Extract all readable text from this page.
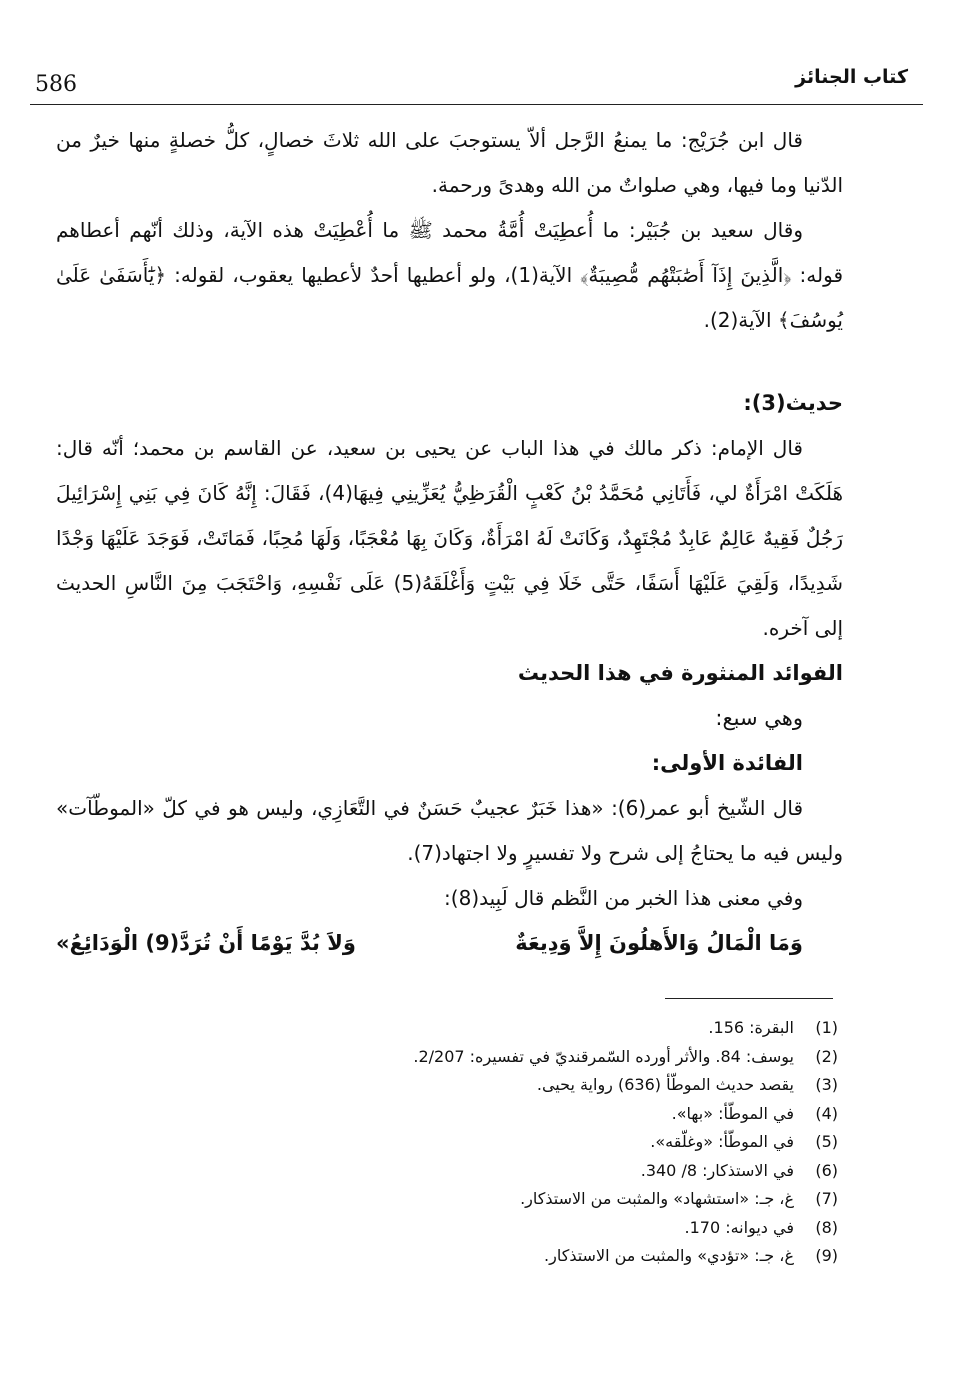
586	كتاب الجنائز

قال ابن جُرَيْج: ما يمنعُ الرَّجل ألاّ يستوجبَ على الله ثلاثَ خصالٍ، كلُّ خصلةٍ منها خيرٌ من الدّنيا وما فيها، وهي صلواتٌ من الله وهدىً ورحمة.

وقال سعيد بن جُبَيْر: ما أُعطِيَتْ أُمَّةُ محمد ﷺ ما أُعْطِيَتْ هذه الآية، وذلك أنّهم أعطاهم قوله: ﴿الَّذِينَ إِذَآ أَصَٰبَتْهُم مُّصِيبَةٌ﴾ الآية(1)، ولو أعطيها أحدٌ لأعطيها يعقوب، لقوله: ﴿يَٰٓأَسَفَىٰ عَلَىٰ يُوسُفَ﴾ الآية(2).

حديث(3):

قال الإمام: ذكر مالك في هذا الباب عن يحيى بن سعيد، عن القاسم بن محمد؛ أنّه قال: هَلَكَتْ امْرَأَةٌ لي، فَأَتَانِي مُحَمَّدُ بْنُ كَعْبٍ الْقُرَظِيُّ يُعَزِّينِي فِيهَا(4)، فَقَالَ: إِنَّهُ كَانَ فِي بَنِي إِسْرَائِيلَ رَجُلٌ فَقِيهٌ عَالِمٌ عَابِدٌ مُجْتَهِدٌ، وَكَانَتْ لَهُ امْرَأَةٌ، وَكَانَ بِهَا مُعْجَبًا، وَلَهَا مُحِبًا، فَمَاتَتْ، فَوَجَدَ عَلَيْهَا وَجْدًا شَدِيدًا، وَلَقِيَ عَلَيْهَا أَسَفًا، حَتَّى خَلَا فِي بَيْتٍ وَأَغْلَقَهُ(5) عَلَى نَفْسِهِ، وَاحْتَجَبَ مِنَ النَّاسِ الحديث إلى آخره.

الفوائد المنثورة في هذا الحديث

وهي سبع:

الفائدة الأولى:

قال الشّيخ أبو عمر(6): «هذا خَبَرٌ عجيبٌ حَسَنٌ في التَّعَازِي، وليس هو في كلّ «الموطّآت» وليس فيه ما يحتاجُ إلى شرح ولا تفسيرٍ ولا اجتهاد(7).

وفي معنى هذا الخبر من النَّظم قال لَبِيد(8):

وَمَا الْمَالُ وَالأَهلُونَ إِلاَّ وَدِيعَةٌ
وَلاَ بُدَّ يَوْمًا أَنْ تُرَدَّ(9) الْوَدَائِعُ»
(1)
البقرة: 156.
(2)
يوسف: 84. والأثر أورده السّمرقنديّ في تفسيره: 2/207.
(3)
يقصد حديث الموطّأ (636) رواية يحيى.
(4)
في الموطّأ: «بها».
(5)
في الموطّأ: «وغلّقه».
(6)
في الاستذكار: 8/ 340.
(7)
غ، جـ: «استشهاد» والمثبت من الاستذكار.
(8)
في ديوانه: 170.
(9)
غ، جـ: «تؤدي» والمثبت من الاستذكار.
